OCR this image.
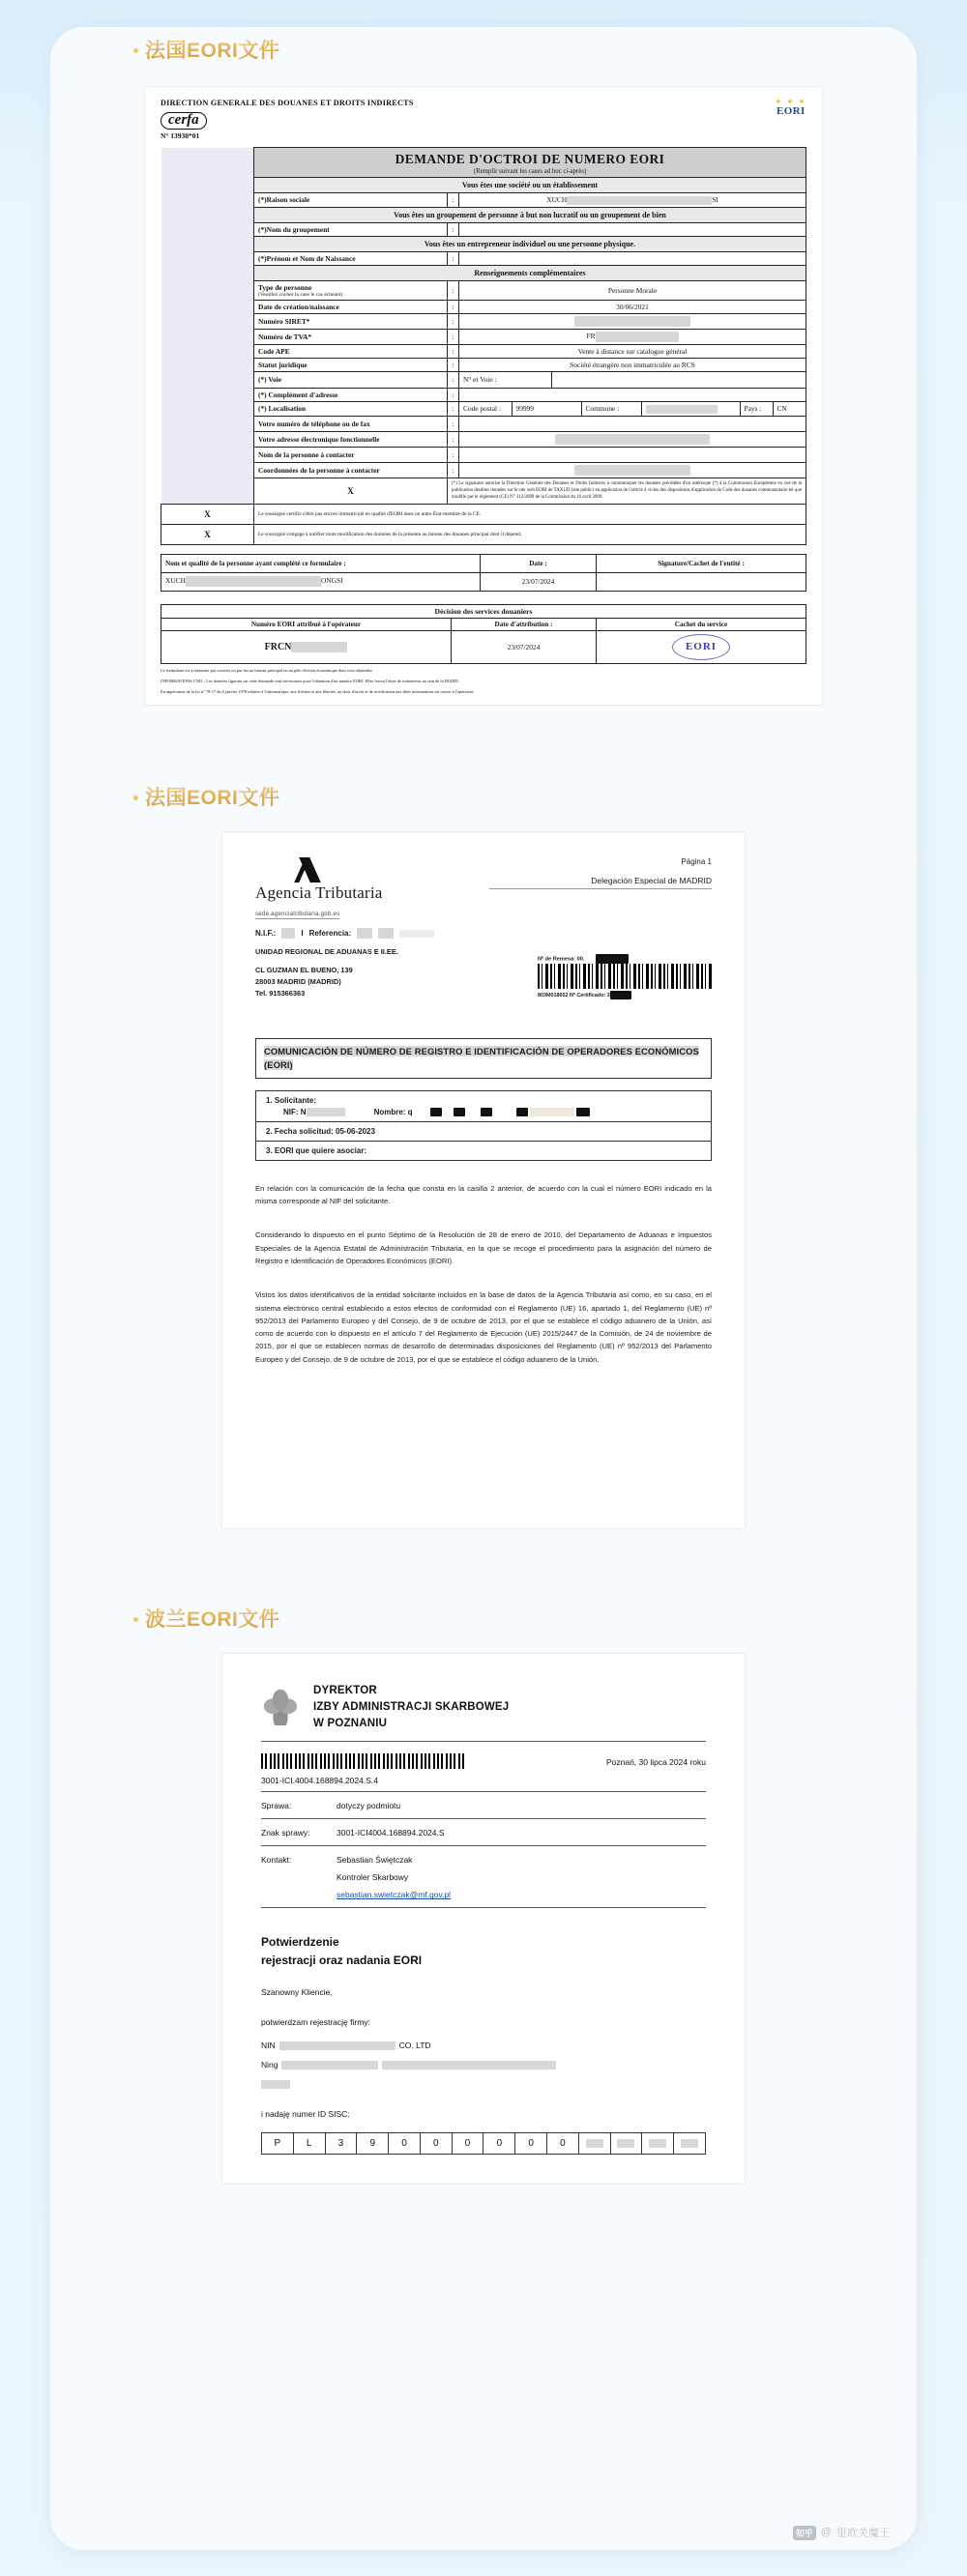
法国EORI文件
DIRECTION GENERALE DES DOUANES ET DROITS INDIRECTS
cerfa
N° 13930*01
★ ★ ★
EORI
	DEMANDE D'OCTROI DE NUMERO EORI
(Remplir suivant les cases ad hoc ci-après)

Vous êtes une société ou un établissement
(*)Raison sociale	:	XUCH	SI
Vous êtes un groupement de personne à but non lucratif ou un groupement de bien
(*)Nom du groupement	:	
Vous êtes un entrepreneur individuel ou une personne physique.
(*)Prénom et Nom de Naissance	:	
Renseignements complémentaires
Type de personne
(Veuillez cocher la case le cas échéant)	:	Personne Morale
Date de création/naissance	:	30/06/2021
Numéro SIRET*	:	
Numéro de TVA*	:	FR
Code APE	:	Vente à distance sur catalogue général
Statut juridique	:	Société étrangère non immatriculée au RCS
(*) Voie	:	N° et Voie :	
(*) Complément d'adresse	:	
(*) Localisation	:	Code postal :	99999	Commune :		Pays :	CN

Votre numéro de téléphone ou de fax	:	
Votre adresse électronique fonctionnelle	:	
Nom de la personne à contacter	:	
Coordonnées de la personne à contacter	:	
X	(*) Le signataire autorise la Direction Générale des Douanes et Droits Indirects à communiquer les données précédées d'un astérisque (*) à la Commission Européenne en vue de la publication desdites données sur le site web EORI de TAXUD (site public) en application de l'article 4 vicies des dispositions d'application du Code des douanes communautaire tel que modifié par le règlement (CE) N° 312/2009 de la Commission du 16 avril 2009.
X	Le soussigné certifie n'être pas encore immatriculé en qualité d'EORI dans un autre État-membre de la CE.
X	Le soussigné s'engage à notifier toute modification des données de la présente au bureau des douanes principal dont il dépend.
Nom et qualité de la personne ayant complété ce formulaire :	Date :	Signature/Cachet de l'entité :
XUCH ONGSI	23/07/2024	
Décision des services douaniers		
Numéro EORI attribué à l'opérateur	Date d'attribution :	Cachet du service
FRCN	23/07/2024	EORI
Le formulaire est à retourner par courrier ou par fax au bureau principal ou au pôle d'action économique dont vous dépendez.
INFORMATIONS CNIL : Les données figurant sur cette demande sont nécessaires pour l'obtention d'un numéro EORI. Elles feront l'objet de traitements au sein de la DGDDI.
En application de la loi n° 78-17 du 6 janvier 1978 relative à l'informatique, aux fichiers et aux libertés, un droit d'accès et de rectification aux dites informations est ouvert à l'opérateur.
法国EORI文件
Agencia Tributaria
sede.agenciatributaria.gob.es
Página 1
Delegación Especial de MADRID
N.I.F.:	l Referencia:
UNIDAD REGIONAL DE ADUANAS E II.EE.
CL GUZMAN EL BUENO, 139
28003 MADRID (MADRID)
Tel. 915366363
Nº de Remesa: 00.
803M018652 Nº Certificado: 3
COMUNICACIÓN DE NÚMERO DE REGISTRO E IDENTIFICACIÓN DE OPERADORES ECONÓMICOS (EORI)
1. Solicitante:
NIF: N	Nombre: q
2. Fecha solicitud: 05-06-2023
3. EORI que quiere asociar:

En relación con la comunicación de la fecha que consta en la casilla 2 anterior, de acuerdo con la cual el número EORI indicado en la misma corresponde al NIF del solicitante.

Considerando lo dispuesto en el punto Séptimo de la Resolución de 28 de enero de 2010, del Departamento de Aduanas e Impuestos Especiales de la Agencia Estatal de Administración Tributaria, en la que se recoge el procedimiento para la asignación del número de Registro e Identificación de Operadores Económicos (EORI).

Vistos los datos identificativos de la entidad solicitante incluidos en la base de datos de la Agencia Tributaria así como, en su caso, en el sistema electrónico central establecido a estos efectos de conformidad con el Reglamento (UE) 16, apartado 1, del Reglamento (UE) nº 952/2013 del Parlamento Europeo y del Consejo, de 9 de octubre de 2013, por el que se establece el código aduanero de la Unión, así como de acuerdo con lo dispuesto en el artículo 7 del Reglamento de Ejecución (UE) 2015/2447 de la Comisión, de 24 de noviembre de 2015, por el que se establecen normas de desarrollo de determinadas disposiciones del Reglamento (UE) nº 952/2013 del Parlamento Europeo y del Consejo, de 9 de octubre de 2013, por el que se establece el código aduanero de la Unión.

波兰EORI文件
DYREKTOR
IZBY ADMINISTRACJI SKARBOWEJ
W POZNANIU
3001-ICI.4004.168894.2024.S.4
Poznań, 30 lipca 2024 roku
Sprawa:	dotyczy podmiotu
Znak sprawy:	3001-ICI4004.168894.2024.S
Kontakt:	Sebastian Świętczak
Kontroler Skarbowy
sebastian.swietczak@mf.gov.pl
Potwierdzenie
rejestracji oraz nadania EORI

Szanowny Kliencie,

potwierdzam rejestrację firmy:

NIN	CO. LTD

Ning

i nadaję numer ID SISC:

P	L	3	9	0	0	0	0	0	0
知乎 @ 里欧关魔王
